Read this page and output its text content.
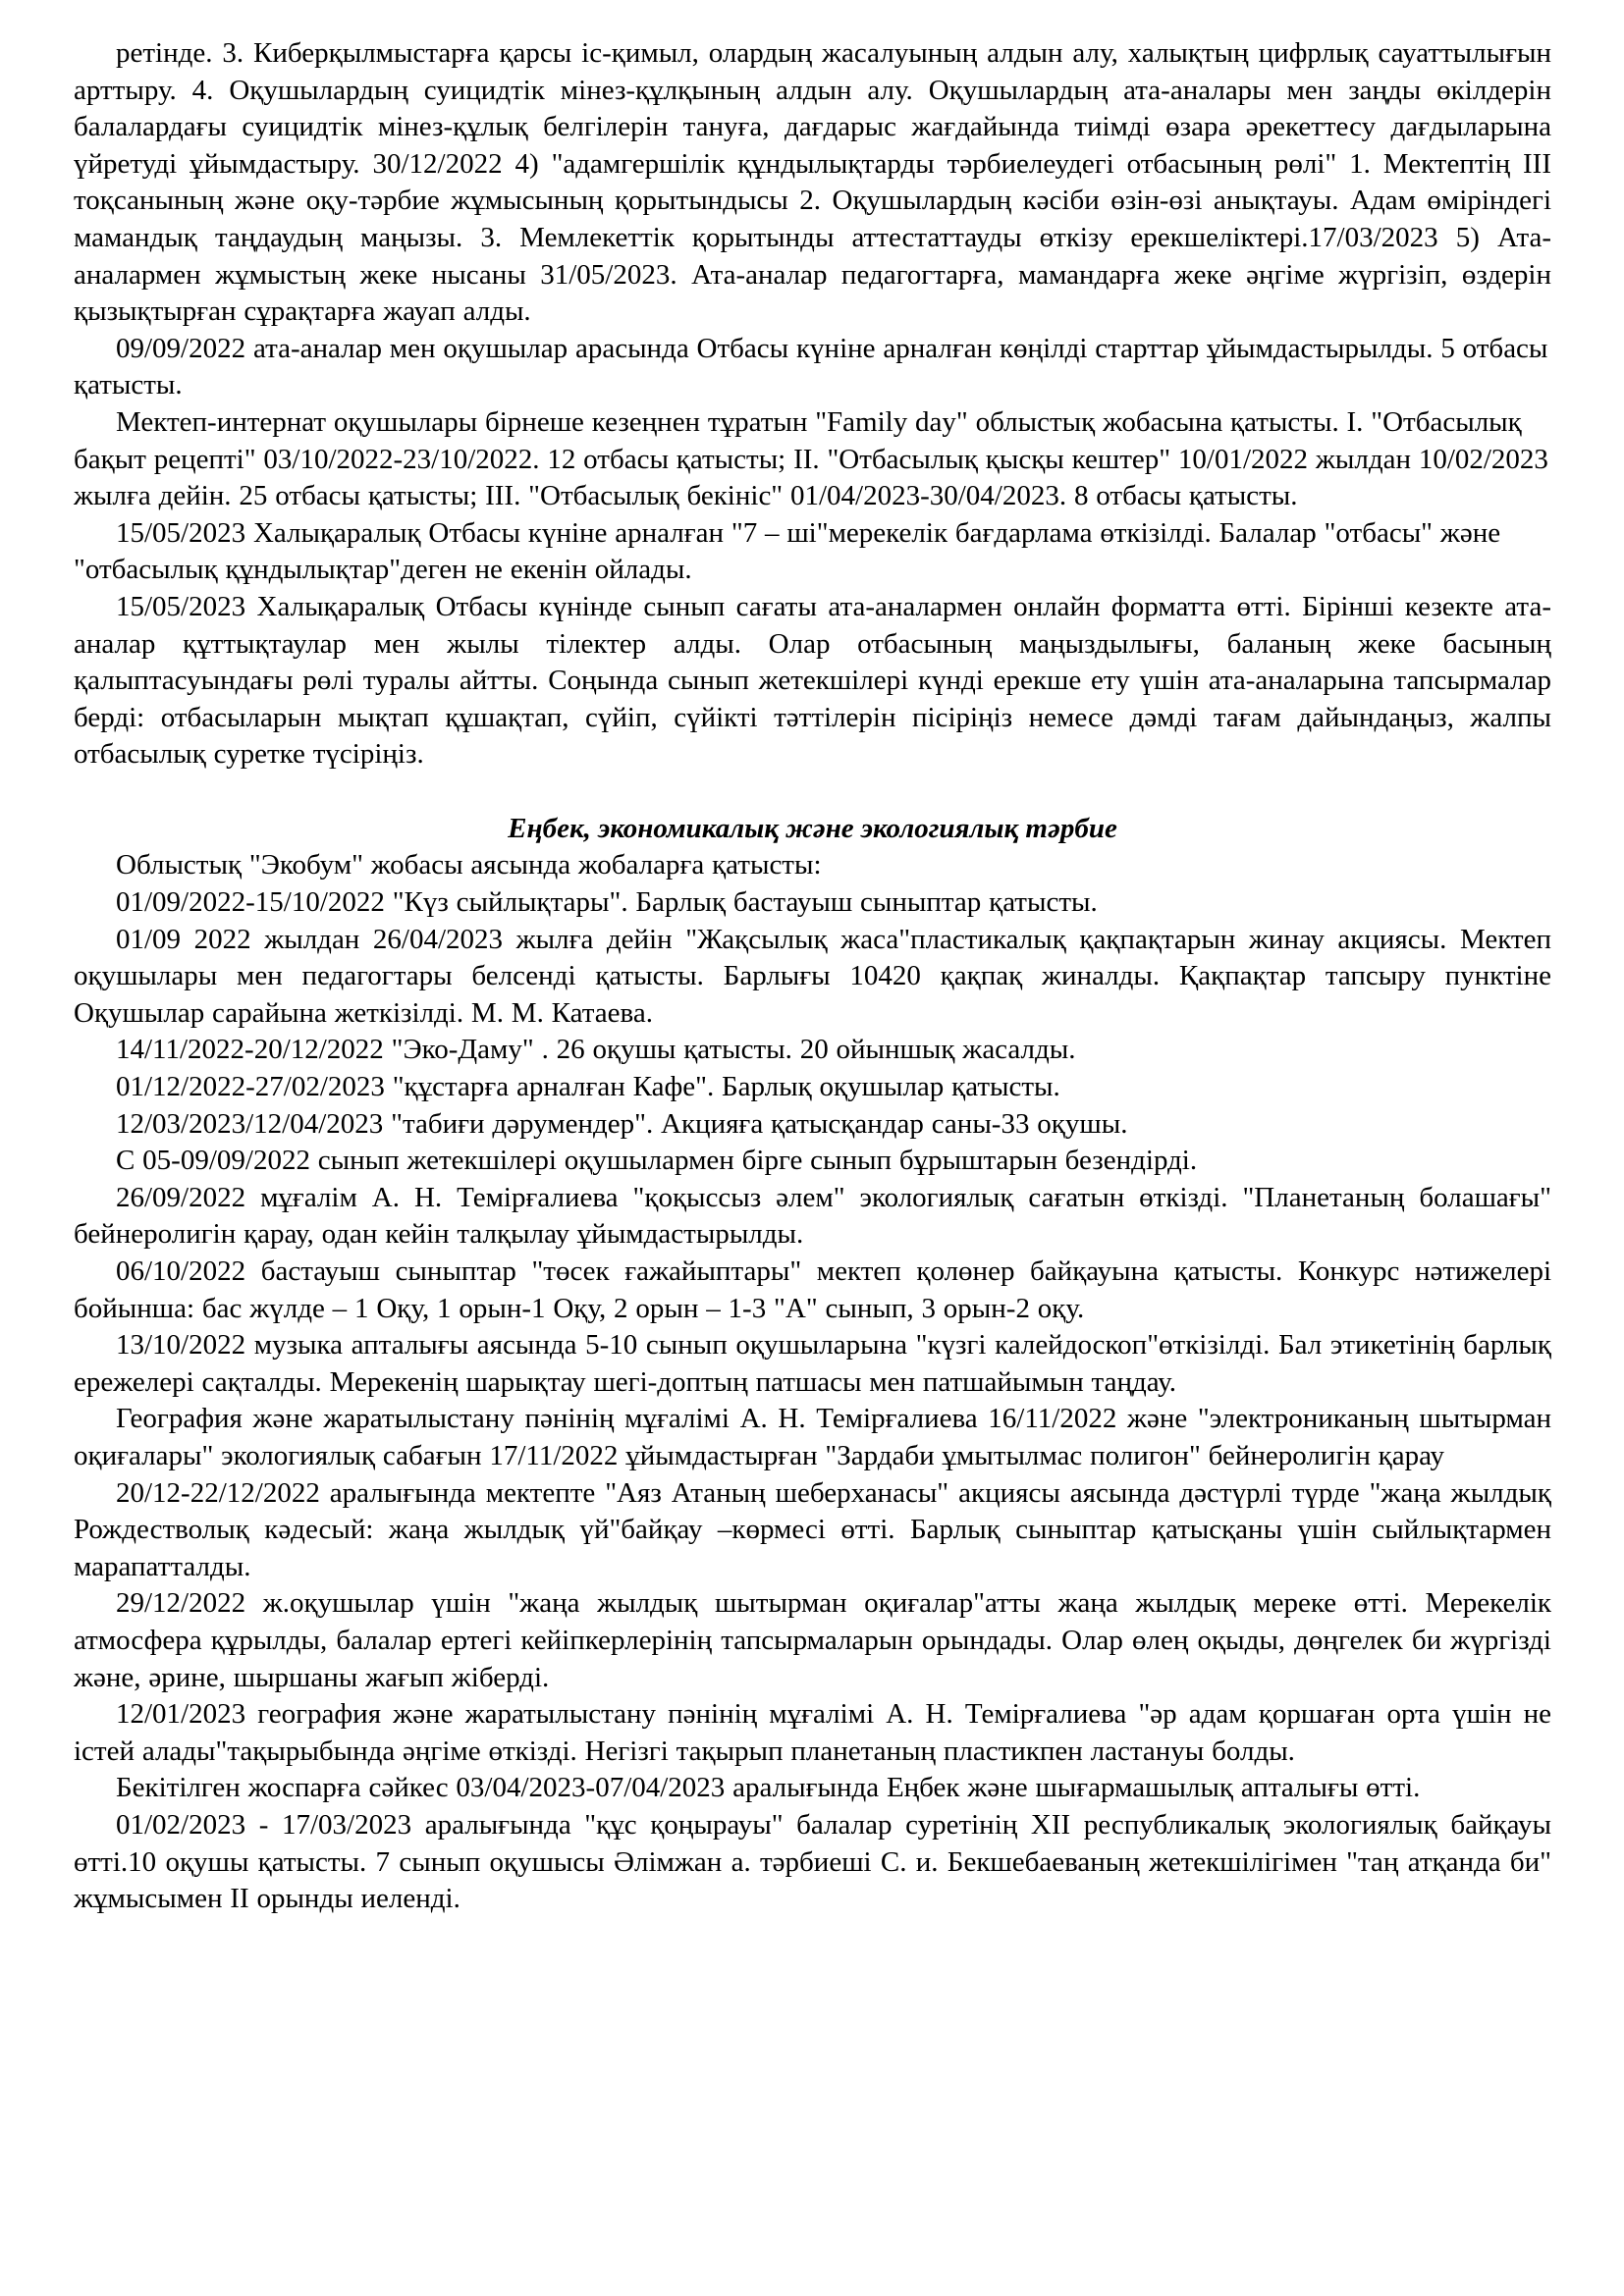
ретінде. 3. Киберқылмыстарға қарсы іс-қимыл, олардың жасалуының алдын алу, халықтың цифрлық сауаттылығын арттыру. 4. Оқушылардың суицидтік мінез-құлқының алдын алу. Оқушылардың ата-аналары мен заңды өкілдерін балалардағы суицидтік мінез-құлық белгілерін тануға, дағдарыс жағдайында тиімді өзара әрекеттесу дағдыларына үйретуді ұйымдастыру. 30/12/2022 4) "адамгершілік құндылықтарды тәрбиелеудегі отбасының рөлі" 1. Мектептің III тоқсанының және оқу-тәрбие жұмысының қорытындысы 2. Оқушылардың кәсіби өзін-өзі анықтауы. Адам өміріндегі мамандық таңдаудың маңызы. 3. Мемлекеттік қорытынды аттестаттауды өткізу ерекшеліктері.17/03/2023 5) Ата-аналармен жұмыстың жеке нысаны 31/05/2023. Ата-аналар педагогтарға, мамандарға жеке әңгіме жүргізіп, өздерін қызықтырған сұрақтарға жауап алды.

09/09/2022 ата-аналар мен оқушылар арасында Отбасы күніне арналған көңілді старттар ұйымдастырылды. 5 отбасы қатысты.

Мектеп-интернат оқушылары бірнеше кезеңнен тұратын "Family day" облыстық жобасына қатысты. I. "Отбасылық бақыт рецепті" 03/10/2022-23/10/2022. 12 отбасы қатысты; II. "Отбасылық қысқы кештер" 10/01/2022 жылдан 10/02/2023 жылға дейін. 25 отбасы қатысты; III. "Отбасылық бекініс" 01/04/2023-30/04/2023. 8 отбасы қатысты.

15/05/2023 Халықаралық Отбасы күніне арналған "7 – ші"мерекелік бағдарлама өткізілді. Балалар "отбасы" және "отбасылық құндылықтар"деген не екенін ойлады.

15/05/2023 Халықаралық Отбасы күнінде сынып сағаты ата-аналармен онлайн форматта өтті. Бірінші кезекте ата-аналар құттықтаулар мен жылы тілектер алды. Олар отбасының маңыздылығы, баланың жеке басының қалыптасуындағы рөлі туралы айтты. Соңында сынып жетекшілері күнді ерекше ету үшін ата-аналарына тапсырмалар берді: отбасыларын мықтап құшақтап, сүйіп, сүйікті тәттілерін пісіріңіз немесе дәмді тағам дайындаңыз, жалпы отбасылық суретке түсіріңіз.

Еңбек, экономикалық және экологиялық тәрбие

Облыстық "Экобум" жобасы аясында жобаларға қатысты:

01/09/2022-15/10/2022 "Күз сыйлықтары". Барлық бастауыш сыныптар қатысты.

01/09 2022 жылдан 26/04/2023 жылға дейін "Жақсылық жаса"пластикалық қақпақтарын жинау акциясы. Мектеп оқушылары мен педагогтары белсенді қатысты. Барлығы 10420 қақпақ жиналды. Қақпақтар тапсыру пунктіне Оқушылар сарайына жеткізілді. М. М. Катаева.

14/11/2022-20/12/2022 "Эко-Даму" . 26 оқушы қатысты. 20 ойыншық жасалды.

01/12/2022-27/02/2023 "құстарға арналған Кафе". Барлық оқушылар қатысты.

12/03/2023/12/04/2023 "табиғи дәрумендер". Акцияға қатысқандар саны-33 оқушы.

С 05-09/09/2022 сынып жетекшілері оқушылармен бірге сынып бұрыштарын безендірді.

26/09/2022 мұғалім А. Н. Темірғалиева "қоқыссыз әлем" экологиялық сағатын өткізді. "Планетаның болашағы" бейнеролигін қарау, одан кейін талқылау ұйымдастырылды.

06/10/2022 бастауыш сыныптар "төсек ғажайыптары" мектеп қолөнер байқауына қатысты. Конкурс нәтижелері бойынша: бас жүлде – 1 Оқу, 1 орын-1 Оқу, 2 орын – 1-3 "А" сынып, 3 орын-2 оқу.

13/10/2022 музыка апталығы аясында 5-10 сынып оқушыларына "күзгі калейдоскоп"өткізілді. Бал этикетінің барлық ережелері сақталды. Мерекенің шарықтау шегі-доптың патшасы мен патшайымын таңдау.

География және жаратылыстану пәнінің мұғалімі А. Н. Темірғалиева 16/11/2022 және "электрониканың шытырман оқиғалары" экологиялық сабағын 17/11/2022 ұйымдастырған "Зардаби ұмытылмас полигон" бейнеролигін қарау

20/12-22/12/2022 аралығында мектепте "Аяз Атаның шеберханасы" акциясы аясында дәстүрлі түрде "жаңа жылдық Рождестволық кәдесый: жаңа жылдық үй"байқау –көрмесі өтті. Барлық сыныптар қатысқаны үшін сыйлықтармен марапатталды.

29/12/2022 ж.оқушылар үшін "жаңа жылдық шытырман оқиғалар"атты жаңа жылдық мереке өтті. Мерекелік атмосфера құрылды, балалар ертегі кейіпкерлерінің тапсырмаларын орындады. Олар өлең оқыды, дөңгелек би жүргізді және, әрине, шыршаны жағып жіберді.

12/01/2023 география және жаратылыстану пәнінің мұғалімі А. Н. Темірғалиева "әр адам қоршаған орта үшін не істей алады"тақырыбында әңгіме өткізді. Негізгі тақырып планетаның пластикпен ластануы болды.

Бекітілген жоспарға сәйкес 03/04/2023-07/04/2023 аралығында Еңбек және шығармашылық апталығы өтті.

01/02/2023 - 17/03/2023 аралығында "құс қоңырауы" балалар суретінің XII республикалық экологиялық байқауы өтті.10 оқушы қатысты. 7 сынып оқушысы Әлімжан а. тәрбиеші С. и. Бекшебаеваның жетекшілігімен "таң атқанда би" жұмысымен II орынды иеленді.
